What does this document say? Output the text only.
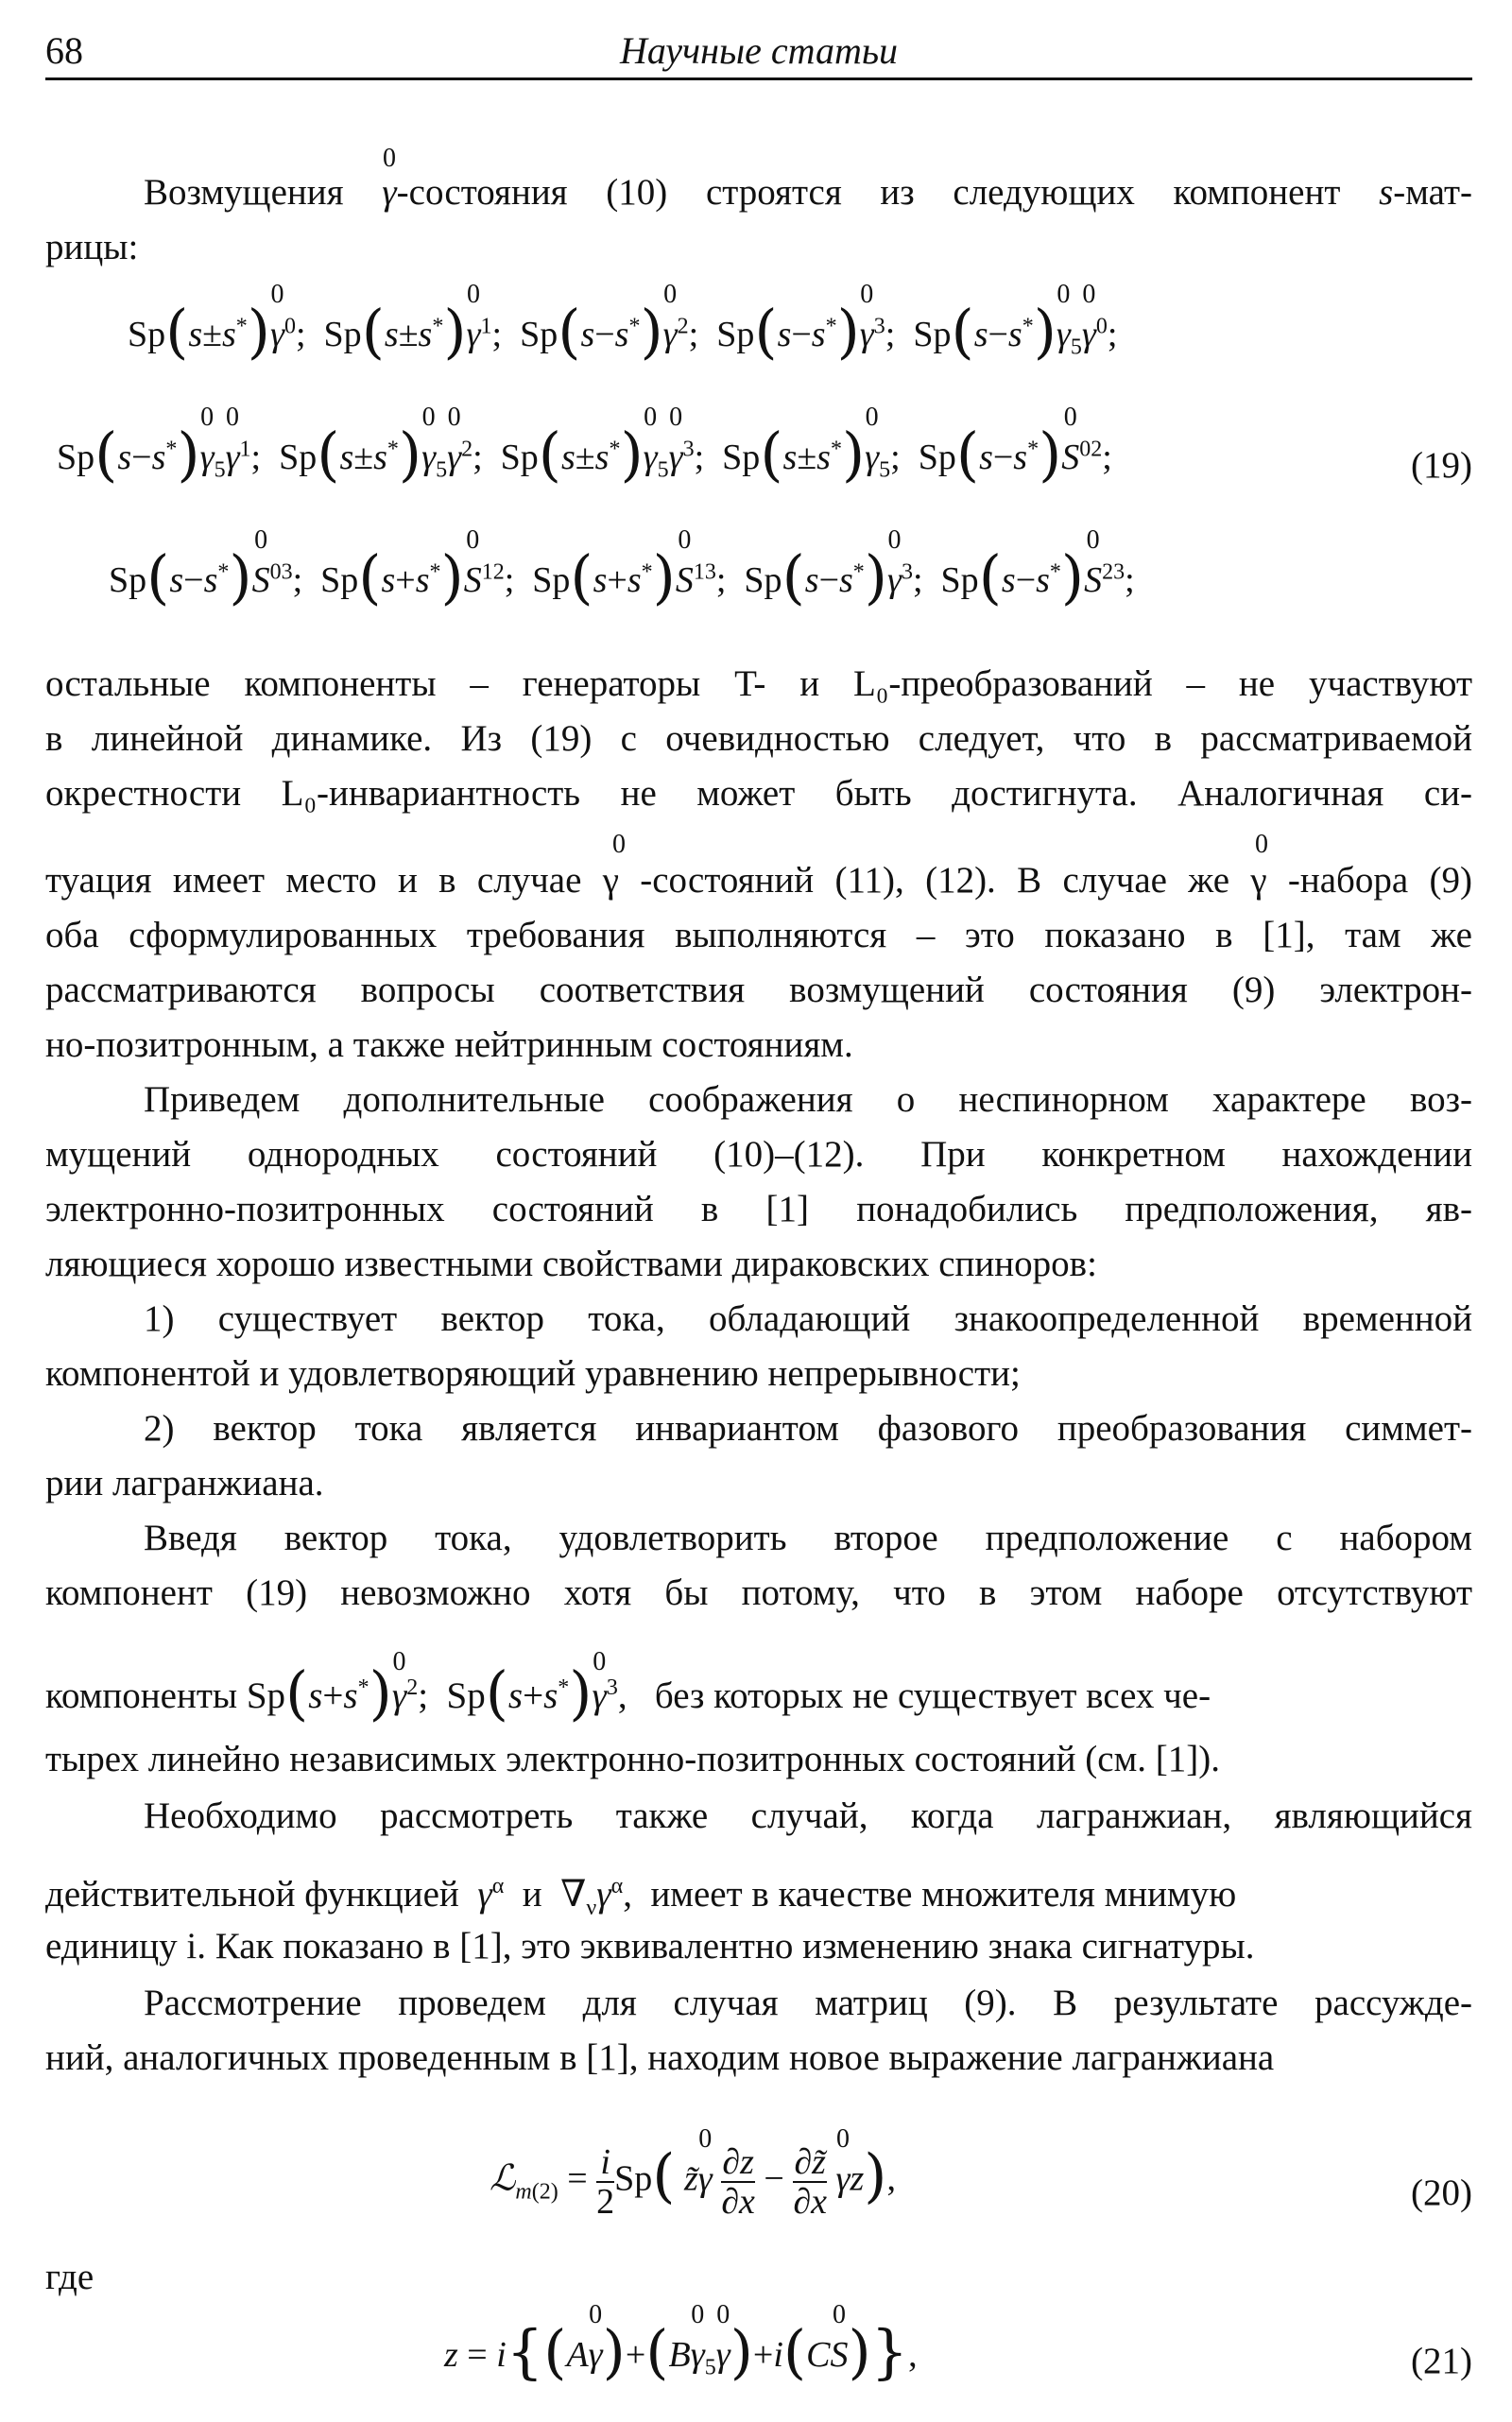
68	Научные статьи
Возмущения
0
γ-состояния (10) строятся из следующих компонент s-мат-
рицы:
Sp(s±s*)
0
$\gamma^0$;  Sp(s±s*)
0
$\gamma^1$;  Sp(s−s*)
0
$\gamma^2$;  Sp(s−s*)
0
$\gamma^3$;  Sp(s−s*)
0
$\gamma_5$
0
$\gamma^0$;
Sp(s−s*)
0
$\gamma_5$
0
$\gamma^1$;  Sp(s±s*)
0
$\gamma_5$
0
$\gamma^2$;  Sp(s±s*)
0
$\gamma_5$
0
$\gamma^3$;  Sp(s±s*)
0
$\gamma_5$;  Sp(s−s*)
0
$S^{02}$;	(19)
Sp(s−s*)
0
$S^{03}$;  Sp(s+s*)
0
$S^{12}$;  Sp(s+s*)
0
$S^{13}$;  Sp(s−s*)
0
$\gamma^3$;  Sp(s−s*)
0
$S^{23}$;
остальные компоненты – генераторы T- и L₀-преобразований – не участвуют
в линейной динамике. Из (19) с очевидностью следует, что в рассматриваемой
окрестности L₀-инвариантность не может быть достигнута. Аналогичная си-
туация имеет место и в случае γ -состояний (11), (12). В случае же γ -набора (9)
0	0
оба сформулированных требования выполняются – это показано в [1], там же
рассматриваются вопросы соответствия возмущений состояния (9) электрон-
но-позитронным, а также нейтринным состояниям.
Приведем дополнительные соображения о неспинорном характере воз-
мущений однородных состояний (10)–(12). При конкретном нахождении
электронно-позитронных состояний в [1] понадобились предположения, яв-
ляющиеся хорошо известными свойствами дираковских спиноров:
1) существует вектор тока, обладающий знакоопределенной временной
компонентой и удовлетворяющий уравнению непрерывности;
2) вектор тока является инвариантом фазового преобразования симмет-
рии лагранжиана.
Введя вектор тока, удовлетворить второе предположение с набором
компонент (19) невозможно хотя бы потому, что в этом наборе отсутствуют
компоненты Sp(s+s*) 0
$\gamma^2$;  Sp(s+s*) 0
$\gamma^3$,   без которых не существует всех че-
тырех линейно независимых электронно-позитронных состояний (см. [1]).
Необходимо рассмотреть также случай, когда лагранжиан, являющийся
действительной функцией $\gamma^\alpha$ и  $\nabla_\nu\gamma^\alpha$,  имеет в качестве множителя мнимую
единицу i. Как показано в [1], это эквивалентно изменению знака сигнатуры.
Рассмотрение проведем для случая матриц (9). В результате рассужде-
ний, аналогичных проведенным в [1], находим новое выражение лагранжиана
ℒ$_{m(2)}$ = $\frac{i}{2} Sp$( z̃
0
γ ∂z

∂x
− ∂z̃

∂x

0
γz),	(20)
где
z = i{(A
0
γ)+(B
0
$\gamma_5$
0
γ)+i(C
0
S)},	(21)
